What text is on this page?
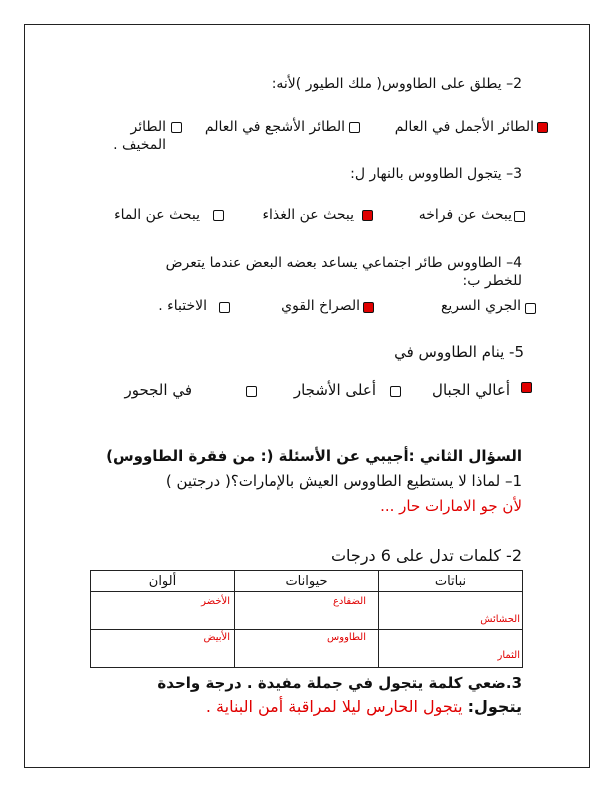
2– يطلق على الطاووس( ملك الطيور )لأنه:
الطائر الأجمل في العالم
الطائر الأشجع في العالم
الطائر
المخيف .
3– يتجول الطاووس بالنهار ل:
يبحث عن فراخه
يبحث عن الغذاء
يبحث عن الماء
4– الطاووس طائر اجتماعي يساعد بعضه البعض عندما يتعرض
للخطر ب:
الجري السريع
الصراخ القوي
الاختباء .
5- ينام الطاووس في
أعالي الجبال
أعلى الأشجار
في الجحور
السؤال الثاني :أجيبي عن الأسئلة (: من فقرة الطاووس)
1– لماذا لا يستطيع الطاووس العيش بالإمارات؟( درجتين )
لأن جو الامارات حار ...
2- كلمات تدل على 6 درجات
ألوان	حيوانات	نباتات

الأخضر	الضفادع	الحشائش

الأبيض	الطاووس	الثمار
3.ضعي كلمة يتجول في جملة مفيدة . درجة واحدة
يتجول: يتجول الحارس ليلا لمراقبة أمن البناية .
